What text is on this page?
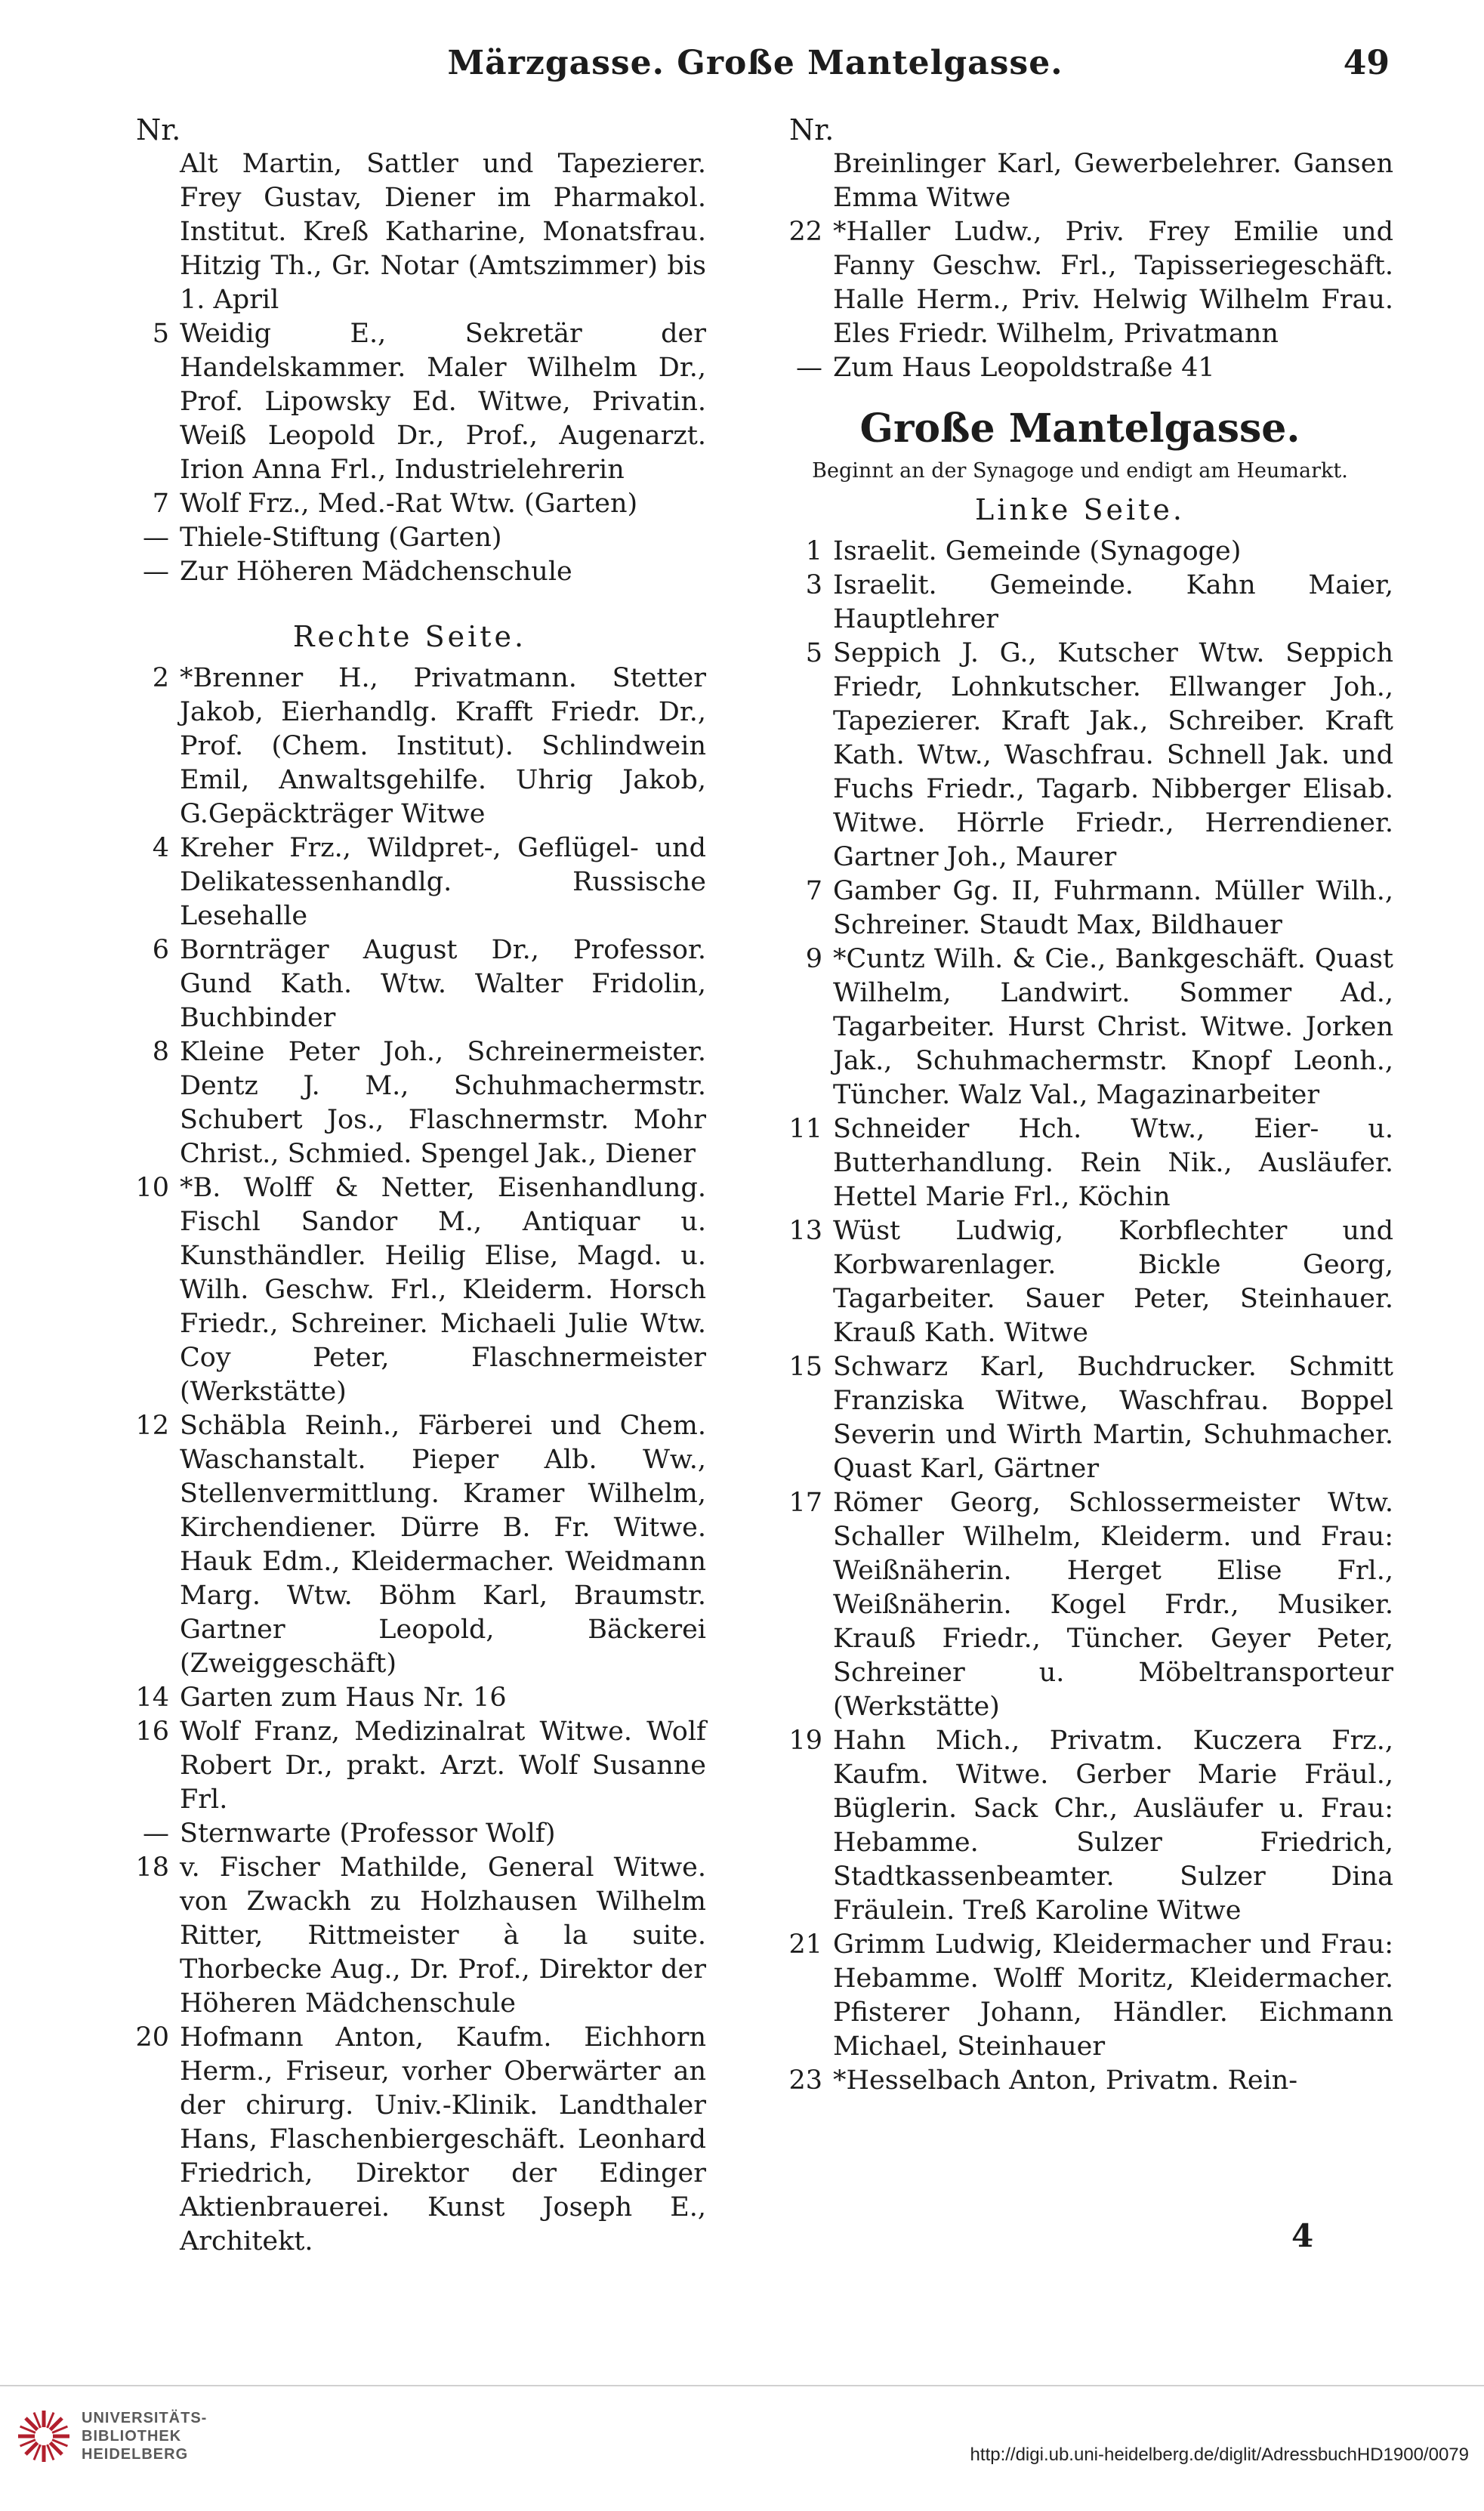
Märzgasse. Große Mantelgasse.	49
Nr.
Alt Martin, Sattler und Tapezierer. Frey Gustav, Diener im Pharmakol. Institut. Kreß Katharine, Monatsfrau. Hitzig Th., Gr. Notar (Amtszimmer) bis 1. April
5 Weidig E., Sekretär der Handelskammer. Maler Wilhelm Dr., Prof. Lipowsky Ed. Witwe, Privatin. Weiß Leopold Dr., Prof., Augenarzt. Irion Anna Frl., Industrielehrerin
7 Wolf Frz., Med.-Rat Wtw. (Garten)
— Thiele-Stiftung (Garten)
— Zur Höheren Mädchenschule
Rechte Seite.
2 *Brenner H., Privatmann. Stetter Jakob, Eierhandlg. Krafft Friedr. Dr., Prof. (Chem. Institut). Schlindwein Emil, Anwaltsgehilfe. Uhrig Jakob, G.Gepäckträger Witwe
4 Kreher Frz., Wildpret-, Geflügel- und Delikatessenhandlg. Russische Lesehalle
6 Bornträger August Dr., Professor. Gund Kath. Wtw. Walter Fridolin, Buchbinder
8 Kleine Peter Joh., Schreinermeister. Dentz J. M., Schuhmachermstr. Schubert Jos., Flaschnermstr. Mohr Christ., Schmied. Spengel Jak., Diener
10 *B. Wolff & Netter, Eisenhandlung. Fischl Sandor M., Antiquar u. Kunsthändler. Heilig Elise, Magd. u. Wilh. Geschw. Frl., Kleiderm. Horsch Friedr., Schreiner. Michaeli Julie Wtw. Coy Peter, Flaschnermeister (Werkstätte)
12 Schäbla Reinh., Färberei und Chem. Waschanstalt. Pieper Alb. Ww., Stellenvermittlung. Kramer Wilhelm, Kirchendiener. Dürre B. Fr. Witwe. Hauk Edm., Kleidermacher. Weidmann Marg. Wtw. Böhm Karl, Braumstr. Gartner Leopold, Bäckerei (Zweiggeschäft)
14 Garten zum Haus Nr. 16
16 Wolf Franz, Medizinalrat Witwe. Wolf Robert Dr., prakt. Arzt. Wolf Susanne Frl.
— Sternwarte (Professor Wolf)
18 v. Fischer Mathilde, General Witwe. von Zwackh zu Holzhausen Wilhelm Ritter, Rittmeister à la suite. Thorbecke Aug., Dr. Prof., Direktor der Höheren Mädchenschule
20 Hofmann Anton, Kaufm. Eichhorn Herm., Friseur, vorher Oberwärter an der chirurg. Univ.-Klinik. Landthaler Hans, Flaschenbiergeschäft. Leonhard Friedrich, Direktor der Edinger Aktienbrauerei. Kunst Joseph E., Architekt.
Nr.
Breinlinger Karl, Gewerbelehrer. Gansen Emma Witwe
22 *Haller Ludw., Priv. Frey Emilie und Fanny Geschw. Frl., Tapisseriegeschäft. Halle Herm., Priv. Helwig Wilhelm Frau. Eles Friedr. Wilhelm, Privatmann
— Zum Haus Leopoldstraße 41
Große Mantelgasse.
Beginnt an der Synagoge und endigt am Heumarkt.
Linke Seite.
1 Israelit. Gemeinde (Synagoge)
3 Israelit. Gemeinde. Kahn Maier, Hauptlehrer
5 Seppich J. G., Kutscher Wtw. Seppich Friedr, Lohnkutscher. Ellwanger Joh., Tapezierer. Kraft Jak., Schreiber. Kraft Kath. Wtw., Waschfrau. Schnell Jak. und Fuchs Friedr., Tagarb. Nibberger Elisab. Witwe. Hörrle Friedr., Herrendiener. Gartner Joh., Maurer
7 Gamber Gg. II, Fuhrmann. Müller Wilh., Schreiner. Staudt Max, Bildhauer
9 *Cuntz Wilh. & Cie., Bankgeschäft. Quast Wilhelm, Landwirt. Sommer Ad., Tagarbeiter. Hurst Christ. Witwe. Jorken Jak., Schuhmachermstr. Knopf Leonh., Tüncher. Walz Val., Magazinarbeiter
11 Schneider Hch. Wtw., Eier- u. Butterhandlung. Rein Nik., Ausläufer. Hettel Marie Frl., Köchin
13 Wüst Ludwig, Korbflechter und Korbwarenlager. Bickle Georg, Tagarbeiter. Sauer Peter, Steinhauer. Krauß Kath. Witwe
15 Schwarz Karl, Buchdrucker. Schmitt Franziska Witwe, Waschfrau. Boppel Severin und Wirth Martin, Schuhmacher. Quast Karl, Gärtner
17 Römer Georg, Schlossermeister Wtw. Schaller Wilhelm, Kleiderm. und Frau: Weißnäherin. Herget Elise Frl., Weißnäherin. Kogel Frdr., Musiker. Krauß Friedr., Tüncher. Geyer Peter, Schreiner u. Möbeltransporteur (Werkstätte)
19 Hahn Mich., Privatm. Kuczera Frz., Kaufm. Witwe. Gerber Marie Fräul., Büglerin. Sack Chr., Ausläufer u. Frau: Hebamme. Sulzer Friedrich, Stadtkassenbeamter. Sulzer Dina Fräulein. Treß Karoline Witwe
21 Grimm Ludwig, Kleidermacher und Frau: Hebamme. Wolff Moritz, Kleidermacher. Pfisterer Johann, Händler. Eichmann Michael, Steinhauer
23 *Hesselbach Anton, Privatm. Rein-
4
UNIVERSITÄTS-
BIBLIOTHEK
HEIDELBERG	http://digi.ub.uni-heidelberg.de/diglit/AdressbuchHD1900/0079
